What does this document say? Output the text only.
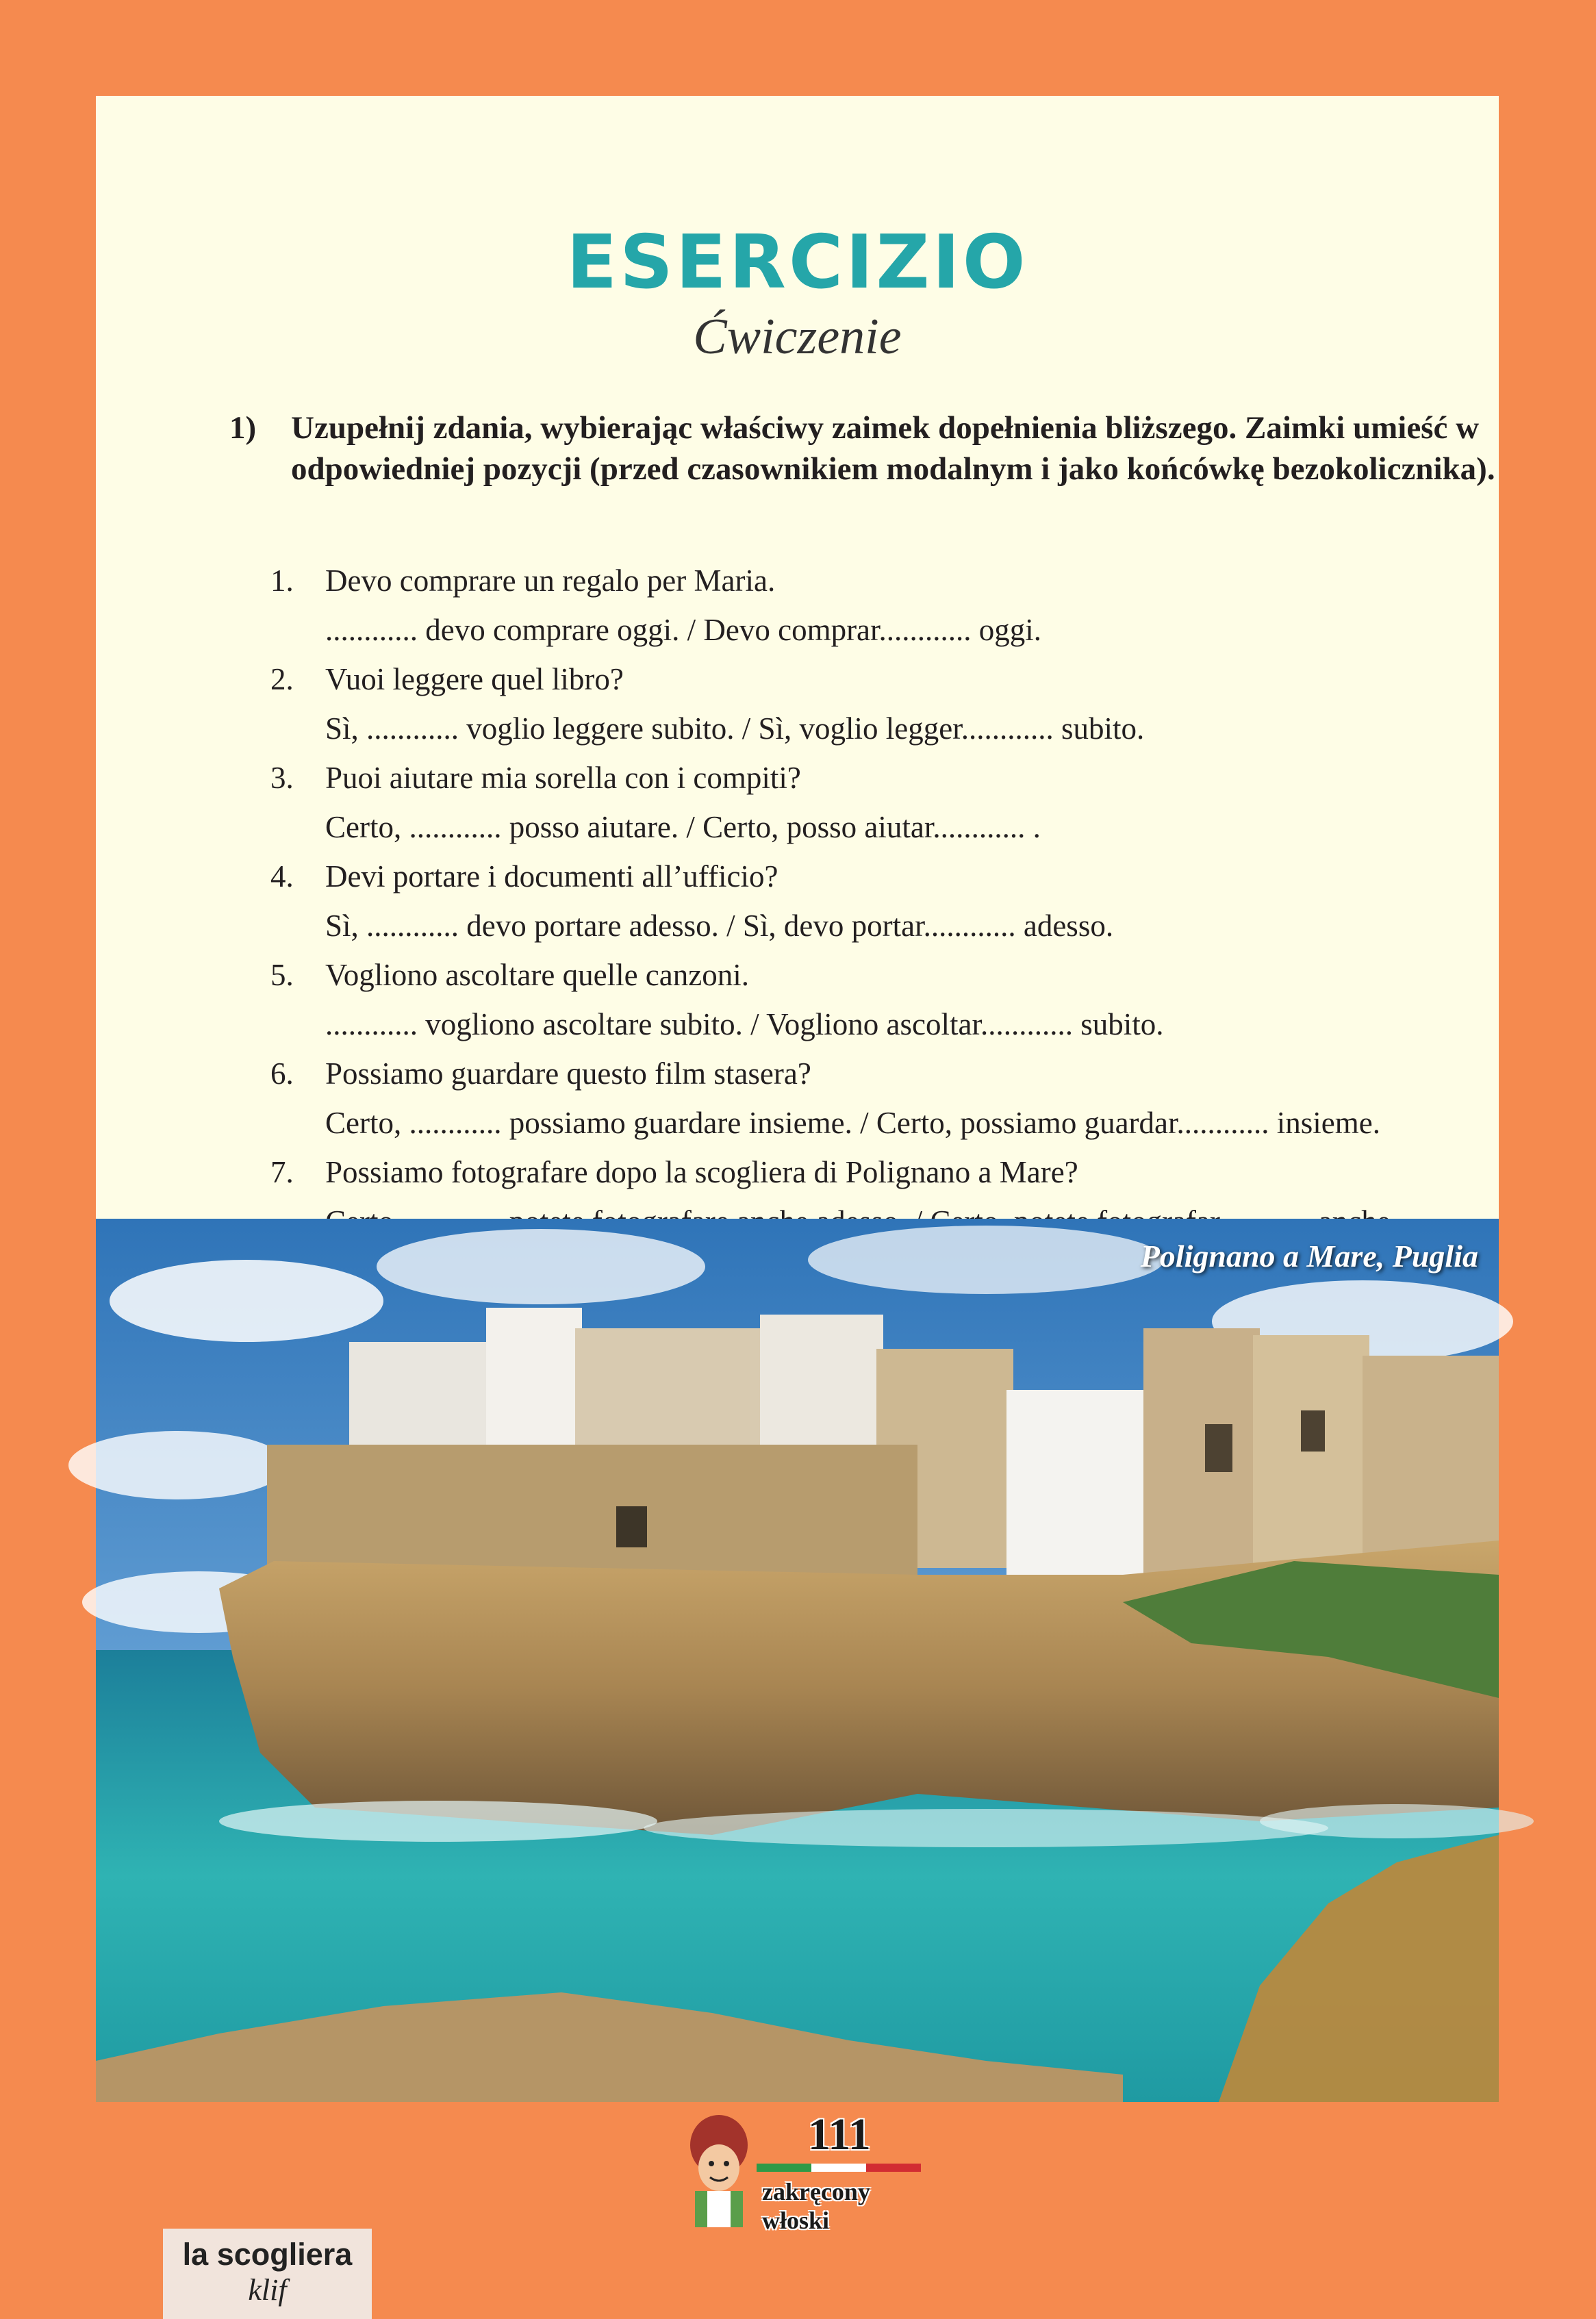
ESERCIZIO
Ćwiczenie
1) Uzupełnij zdania, wybierając właściwy zaimek dopełnienia bliższego. Zaimki umieść w odpowiedniej pozycji (przed czasownikiem modalnym i jako końcówkę bezokolicznika).
1. Devo comprare un regalo per Maria.
............ devo comprare oggi. / Devo comprar............ oggi.
2. Vuoi leggere quel libro?
Sì, ............ voglio leggere subito. / Sì, voglio legger............ subito.
3. Puoi aiutare mia sorella con i compiti?
Certo, ............ posso aiutare. / Certo, posso aiutar............ .
4. Devi portare i documenti all’ufficio?
Sì, ............ devo portare adesso. / Sì, devo portar............ adesso.
5. Vogliono ascoltare quelle canzoni.
............ vogliono ascoltare subito. / Vogliono ascoltar............ subito.
6. Possiamo guardare questo film stasera?
Certo, ............ possiamo guardare insieme. / Certo, possiamo guardar............ insieme.
7. Possiamo fotografare dopo la scogliera di Polignano a Mare?
Polignano a Mare, Puglia
la scogliera
klif
111
zakręcony włoski
